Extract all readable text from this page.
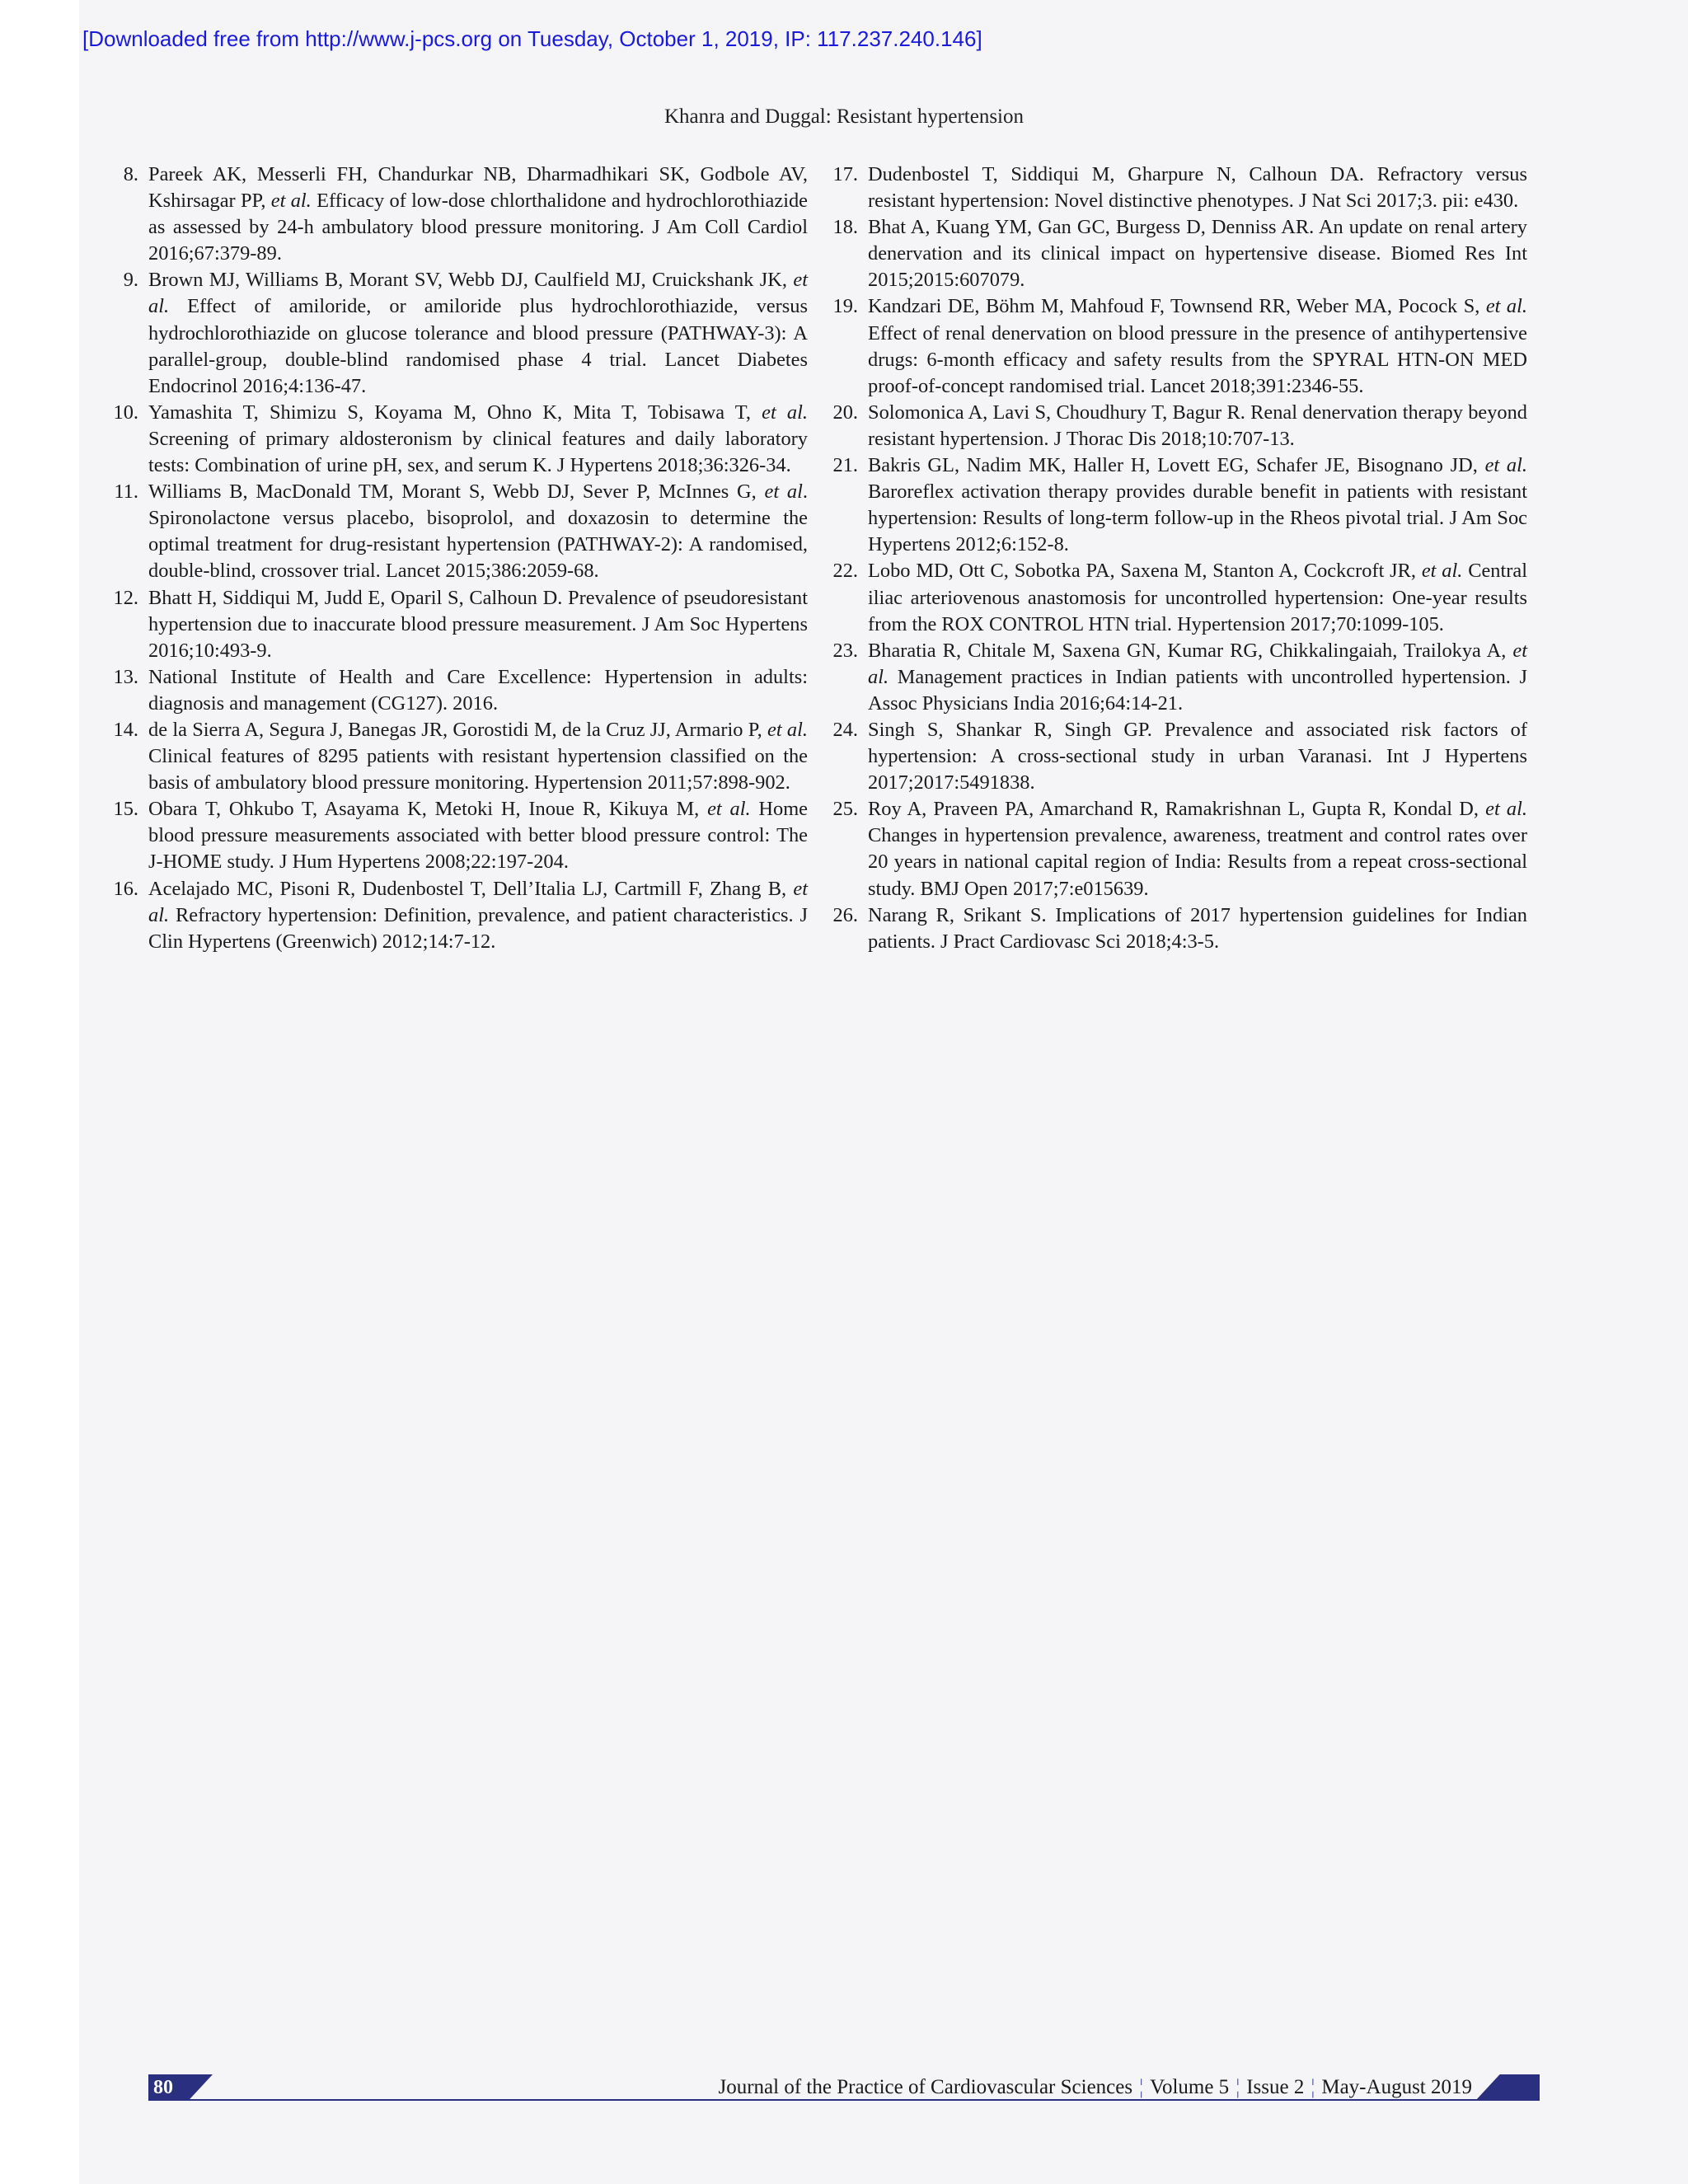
[Downloaded free from http://www.j-pcs.org on Tuesday, October 1, 2019, IP: 117.237.240.146]
Khanra and Duggal: Resistant hypertension
8. Pareek AK, Messerli FH, Chandurkar NB, Dharmadhikari SK, Godbole AV, Kshirsagar PP, et al. Efficacy of low-dose chlorthalidone and hydrochlorothiazide as assessed by 24-h ambulatory blood pressure monitoring. J Am Coll Cardiol 2016;67:379-89.
9. Brown MJ, Williams B, Morant SV, Webb DJ, Caulfield MJ, Cruickshank JK, et al. Effect of amiloride, or amiloride plus hydrochlorothiazide, versus hydrochlorothiazide on glucose tolerance and blood pressure (PATHWAY-3): A parallel-group, double-blind randomised phase 4 trial. Lancet Diabetes Endocrinol 2016;4:136-47.
10. Yamashita T, Shimizu S, Koyama M, Ohno K, Mita T, Tobisawa T, et al. Screening of primary aldosteronism by clinical features and daily laboratory tests: Combination of urine pH, sex, and serum K. J Hypertens 2018;36:326-34.
11. Williams B, MacDonald TM, Morant S, Webb DJ, Sever P, McInnes G, et al. Spironolactone versus placebo, bisoprolol, and doxazosin to determine the optimal treatment for drug-resistant hypertension (PATHWAY-2): A randomised, double-blind, crossover trial. Lancet 2015;386:2059-68.
12. Bhatt H, Siddiqui M, Judd E, Oparil S, Calhoun D. Prevalence of pseudoresistant hypertension due to inaccurate blood pressure measurement. J Am Soc Hypertens 2016;10:493-9.
13. National Institute of Health and Care Excellence: Hypertension in adults: diagnosis and management (CG127). 2016.
14. de la Sierra A, Segura J, Banegas JR, Gorostidi M, de la Cruz JJ, Armario P, et al. Clinical features of 8295 patients with resistant hypertension classified on the basis of ambulatory blood pressure monitoring. Hypertension 2011;57:898-902.
15. Obara T, Ohkubo T, Asayama K, Metoki H, Inoue R, Kikuya M, et al. Home blood pressure measurements associated with better blood pressure control: The J-HOME study. J Hum Hypertens 2008;22:197-204.
16. Acelajado MC, Pisoni R, Dudenbostel T, Dell’Italia LJ, Cartmill F, Zhang B, et al. Refractory hypertension: Definition, prevalence, and patient characteristics. J Clin Hypertens (Greenwich) 2012;14:7-12.
17. Dudenbostel T, Siddiqui M, Gharpure N, Calhoun DA. Refractory versus resistant hypertension: Novel distinctive phenotypes. J Nat Sci 2017;3. pii: e430.
18. Bhat A, Kuang YM, Gan GC, Burgess D, Denniss AR. An update on renal artery denervation and its clinical impact on hypertensive disease. Biomed Res Int 2015;2015:607079.
19. Kandzari DE, Böhm M, Mahfoud F, Townsend RR, Weber MA, Pocock S, et al. Effect of renal denervation on blood pressure in the presence of antihypertensive drugs: 6-month efficacy and safety results from the SPYRAL HTN-ON MED proof-of-concept randomised trial. Lancet 2018;391:2346-55.
20. Solomonica A, Lavi S, Choudhury T, Bagur R. Renal denervation therapy beyond resistant hypertension. J Thorac Dis 2018;10:707-13.
21. Bakris GL, Nadim MK, Haller H, Lovett EG, Schafer JE, Bisognano JD, et al. Baroreflex activation therapy provides durable benefit in patients with resistant hypertension: Results of long-term follow-up in the Rheos pivotal trial. J Am Soc Hypertens 2012;6:152-8.
22. Lobo MD, Ott C, Sobotka PA, Saxena M, Stanton A, Cockcroft JR, et al. Central iliac arteriovenous anastomosis for uncontrolled hypertension: One-year results from the ROX CONTROL HTN trial. Hypertension 2017;70:1099-105.
23. Bharatia R, Chitale M, Saxena GN, Kumar RG, Chikkalingaiah, Trailokya A, et al. Management practices in Indian patients with uncontrolled hypertension. J Assoc Physicians India 2016;64:14-21.
24. Singh S, Shankar R, Singh GP. Prevalence and associated risk factors of hypertension: A cross-sectional study in urban Varanasi. Int J Hypertens 2017;2017:5491838.
25. Roy A, Praveen PA, Amarchand R, Ramakrishnan L, Gupta R, Kondal D, et al. Changes in hypertension prevalence, awareness, treatment and control rates over 20 years in national capital region of India: Results from a repeat cross-sectional study. BMJ Open 2017;7:e015639.
26. Narang R, Srikant S. Implications of 2017 hypertension guidelines for Indian patients. J Pract Cardiovasc Sci 2018;4:3-5.
80	Journal of the Practice of Cardiovascular Sciences ¦ Volume 5 ¦ Issue 2 ¦ May-August 2019
